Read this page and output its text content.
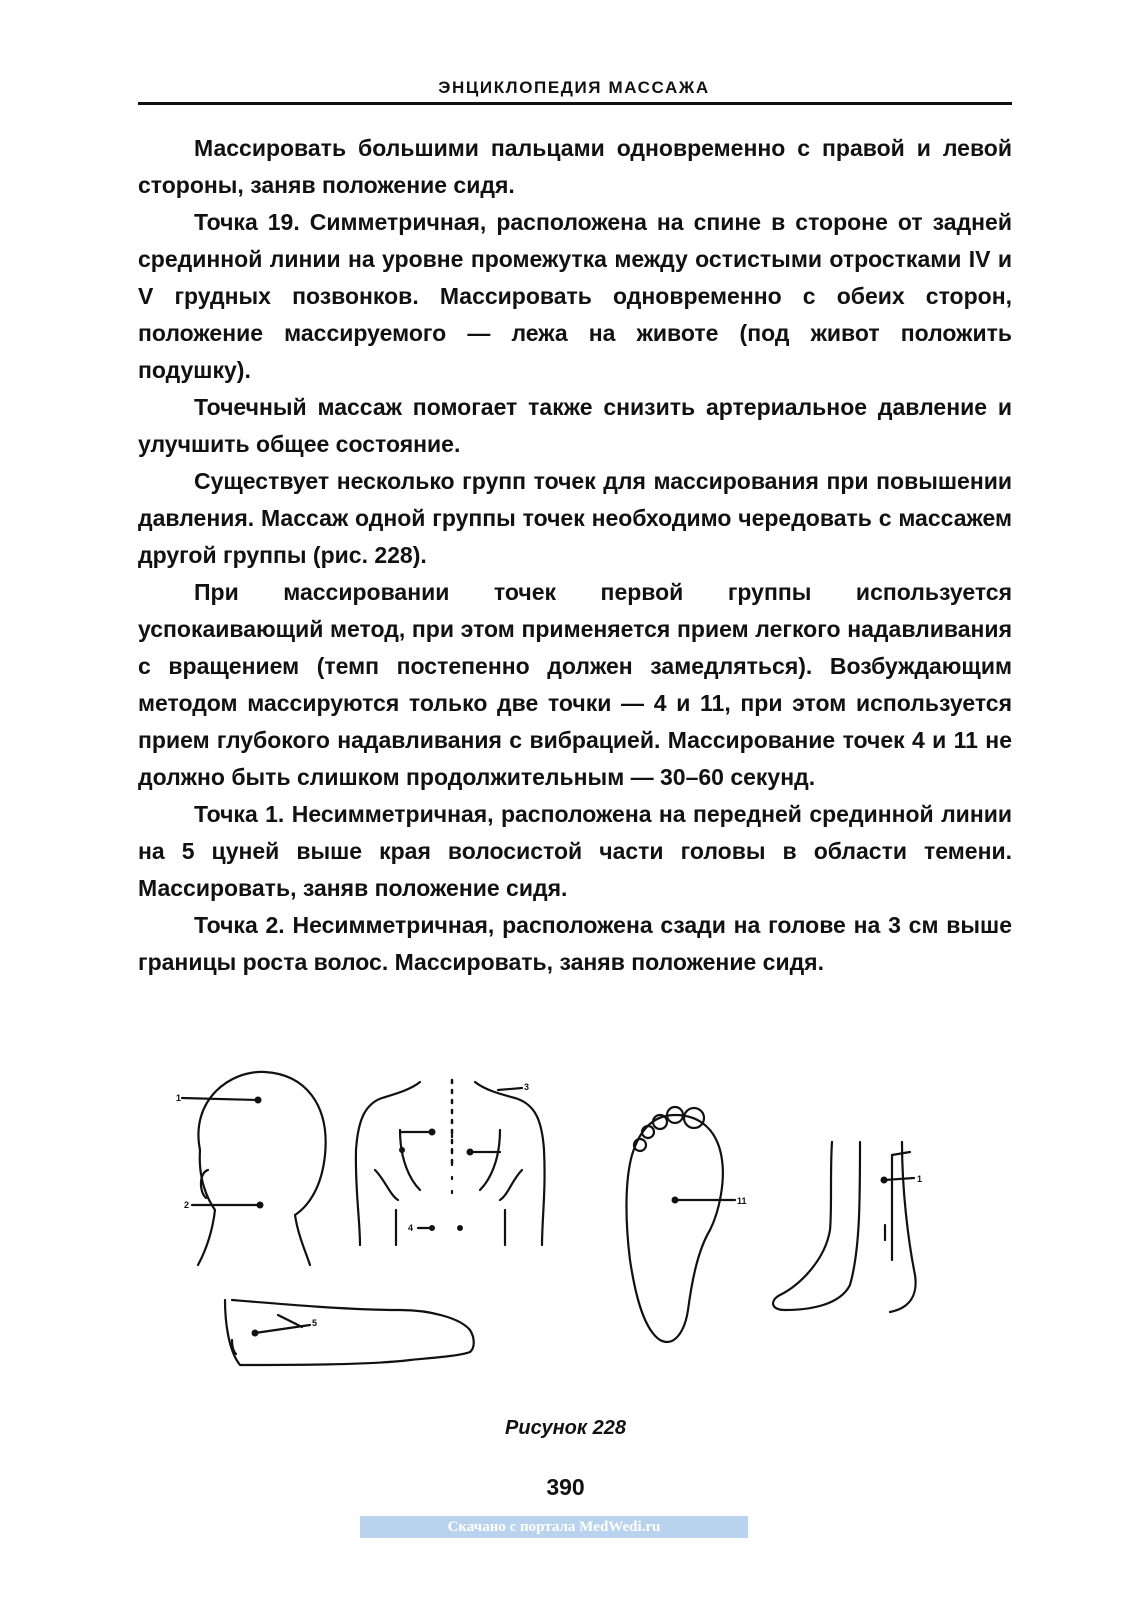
ЭНЦИКЛОПЕДИЯ МАССАЖА

Массировать большими пальцами одновременно с правой и левой стороны, заняв положение сидя.

Точка 19. Симметричная, расположена на спине в стороне от задней срединной линии на уровне промежутка между остистыми отростками IV и V грудных позвонков. Массировать одновременно с обеих сторон, положение массируемого — лежа на животе (под живот положить подушку).

Точечный массаж помогает также снизить артериальное давление и улучшить общее состояние.

Существует несколько групп точек для массирования при повышении давления. Массаж одной группы точек необходимо чередовать с массажем другой группы (рис. 228).

При массировании точек первой группы используется успокаивающий метод, при этом применяется прием легкого надавливания с вращением (темп постепенно должен замедляться). Возбуждающим методом массируются только две точки — 4 и 11, при этом используется прием глубокого надавливания с вибрацией. Массирование точек 4 и 11 не должно быть слишком продолжительным — 30–60 секунд.

Точка 1. Несимметричная, расположена на передней срединной линии на 5 цуней выше края волосистой части головы в области темени. Массировать, заняв положение сидя.

Точка 2. Несимметричная, расположена сзади на голове на 3 см выше границы роста волос. Массировать, заняв положение сидя.

1
2
3
4
5
11
1
Рисунок 228
390
Скачано с портала MedWedi.ru
